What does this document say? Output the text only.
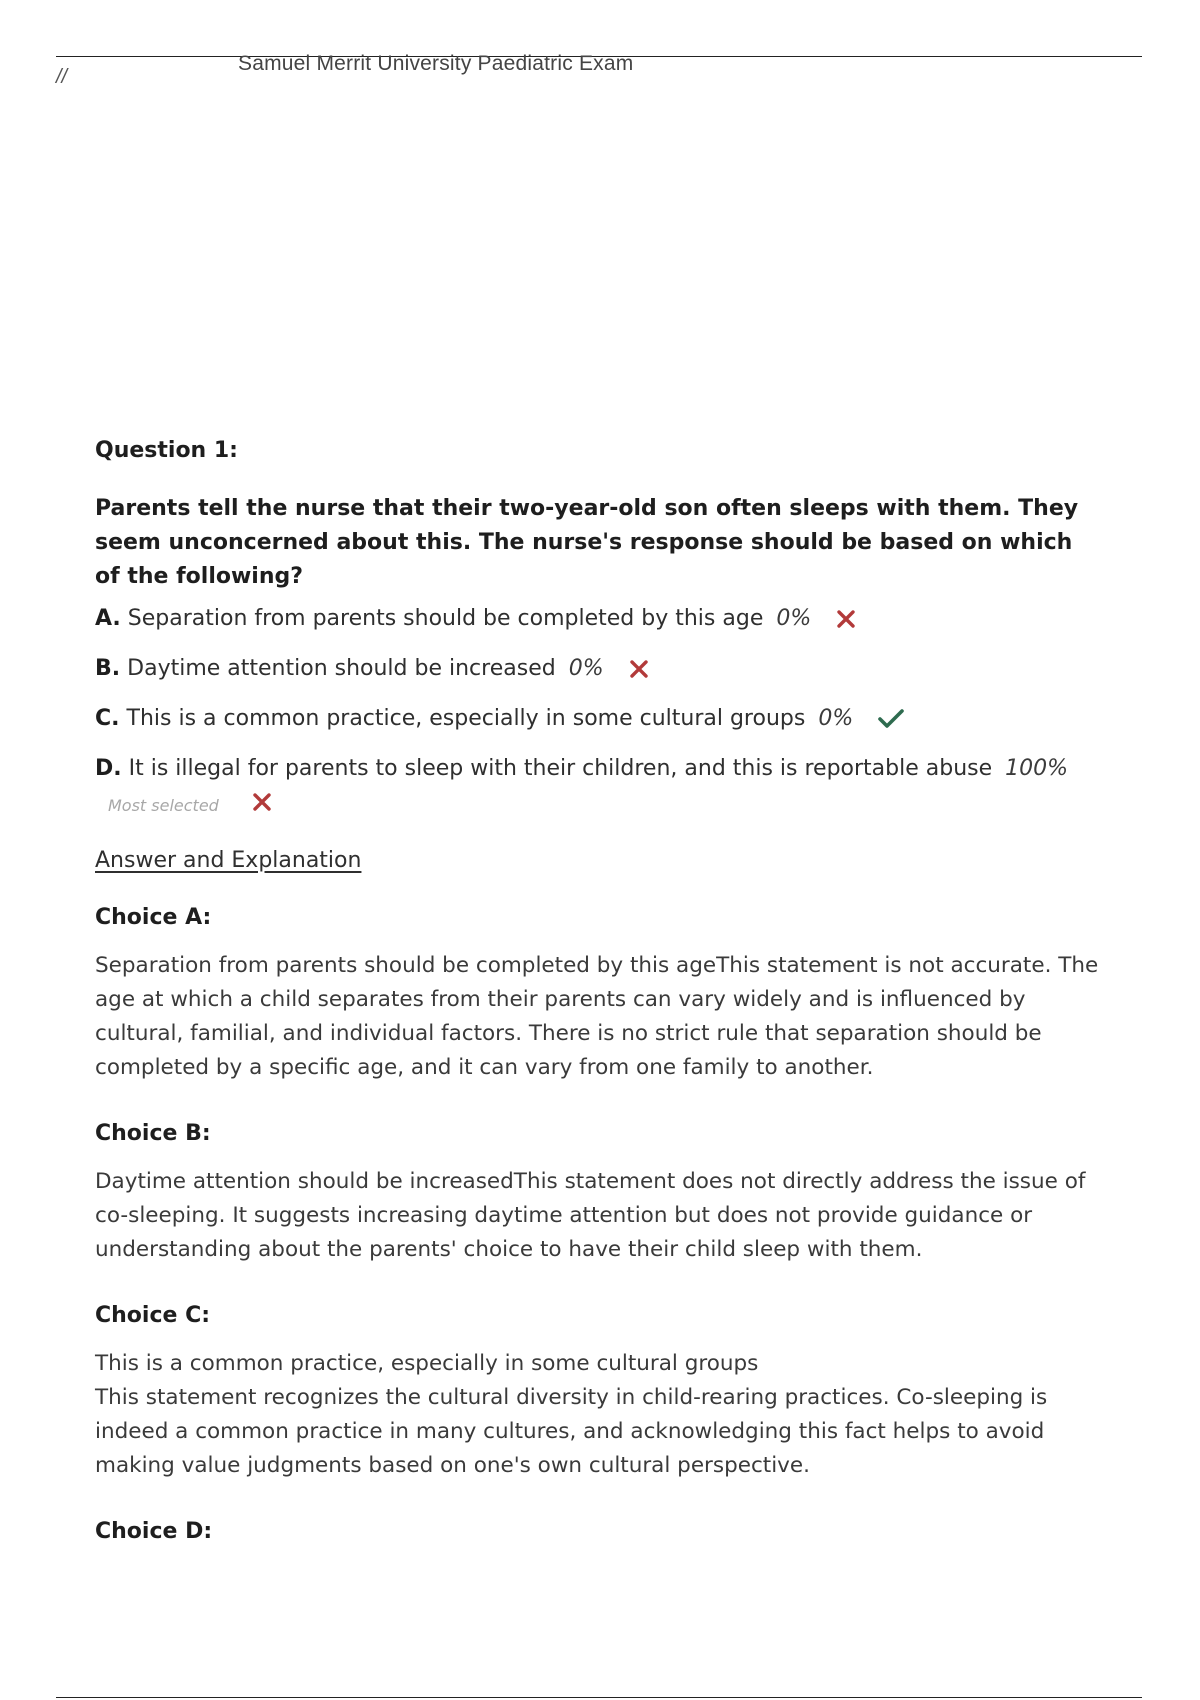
//
Samuel Merrit University Paediatric Exam
Question 1:
Parents tell the nurse that their two-year-old son often sleeps with them. They seem unconcerned about this. The nurse's response should be based on which of the following?
A. Separation from parents should be completed by this age 0%
B. Daytime attention should be increased 0%
C. This is a common practice, especially in some cultural groups 0%
D. It is illegal for parents to sleep with their children, and this is reportable abuse 100%
Most selected
Answer and Explanation
Choice A:
Separation from parents should be completed by this ageThis statement is not accurate. The age at which a child separates from their parents can vary widely and is influenced by cultural, familial, and individual factors. There is no strict rule that separation should be completed by a specific age, and it can vary from one family to another.
Choice B:
Daytime attention should be increasedThis statement does not directly address the issue of co-sleeping. It suggests increasing daytime attention but does not provide guidance or understanding about the parents' choice to have their child sleep with them.
Choice C:
This is a common practice, especially in some cultural groups
This statement recognizes the cultural diversity in child-rearing practices. Co-sleeping is indeed a common practice in many cultures, and acknowledging this fact helps to avoid making value judgments based on one's own cultural perspective.
Choice D:
